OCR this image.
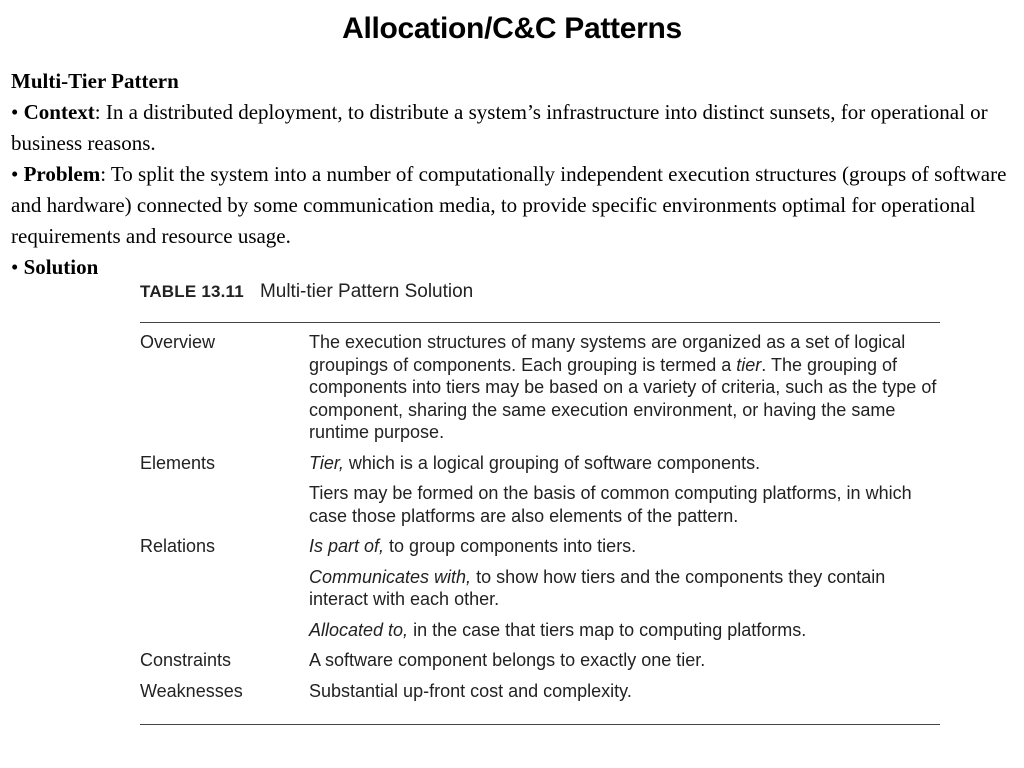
Allocation/C&C Patterns

Multi-Tier Pattern

• Context: In a distributed deployment, to distribute a system’s infrastructure into distinct sunsets, for operational or business reasons.

• Problem: To split the system into a number of computationally independent execution structures (groups of software and hardware) connected by some communication media, to provide specific environments optimal for operational requirements and resource usage.

• Solution

TABLE 13.11 Multi-tier Pattern Solution
Overview	The execution structures of many systems are organized as a set of logical groupings of components. Each grouping is termed a tier. The grouping of components into tiers may be based on a variety of criteria, such as the type of component, sharing the same execution environment, or having the same runtime purpose.
Elements	Tier, which is a logical grouping of software components.
Tiers may be formed on the basis of common computing platforms, in which case those platforms are also elements of the pattern.
Relations	Is part of, to group components into tiers.
Communicates with, to show how tiers and the components they contain interact with each other.
Allocated to, in the case that tiers map to computing platforms.
Constraints	A software component belongs to exactly one tier.
Weaknesses	Substantial up-front cost and complexity.
